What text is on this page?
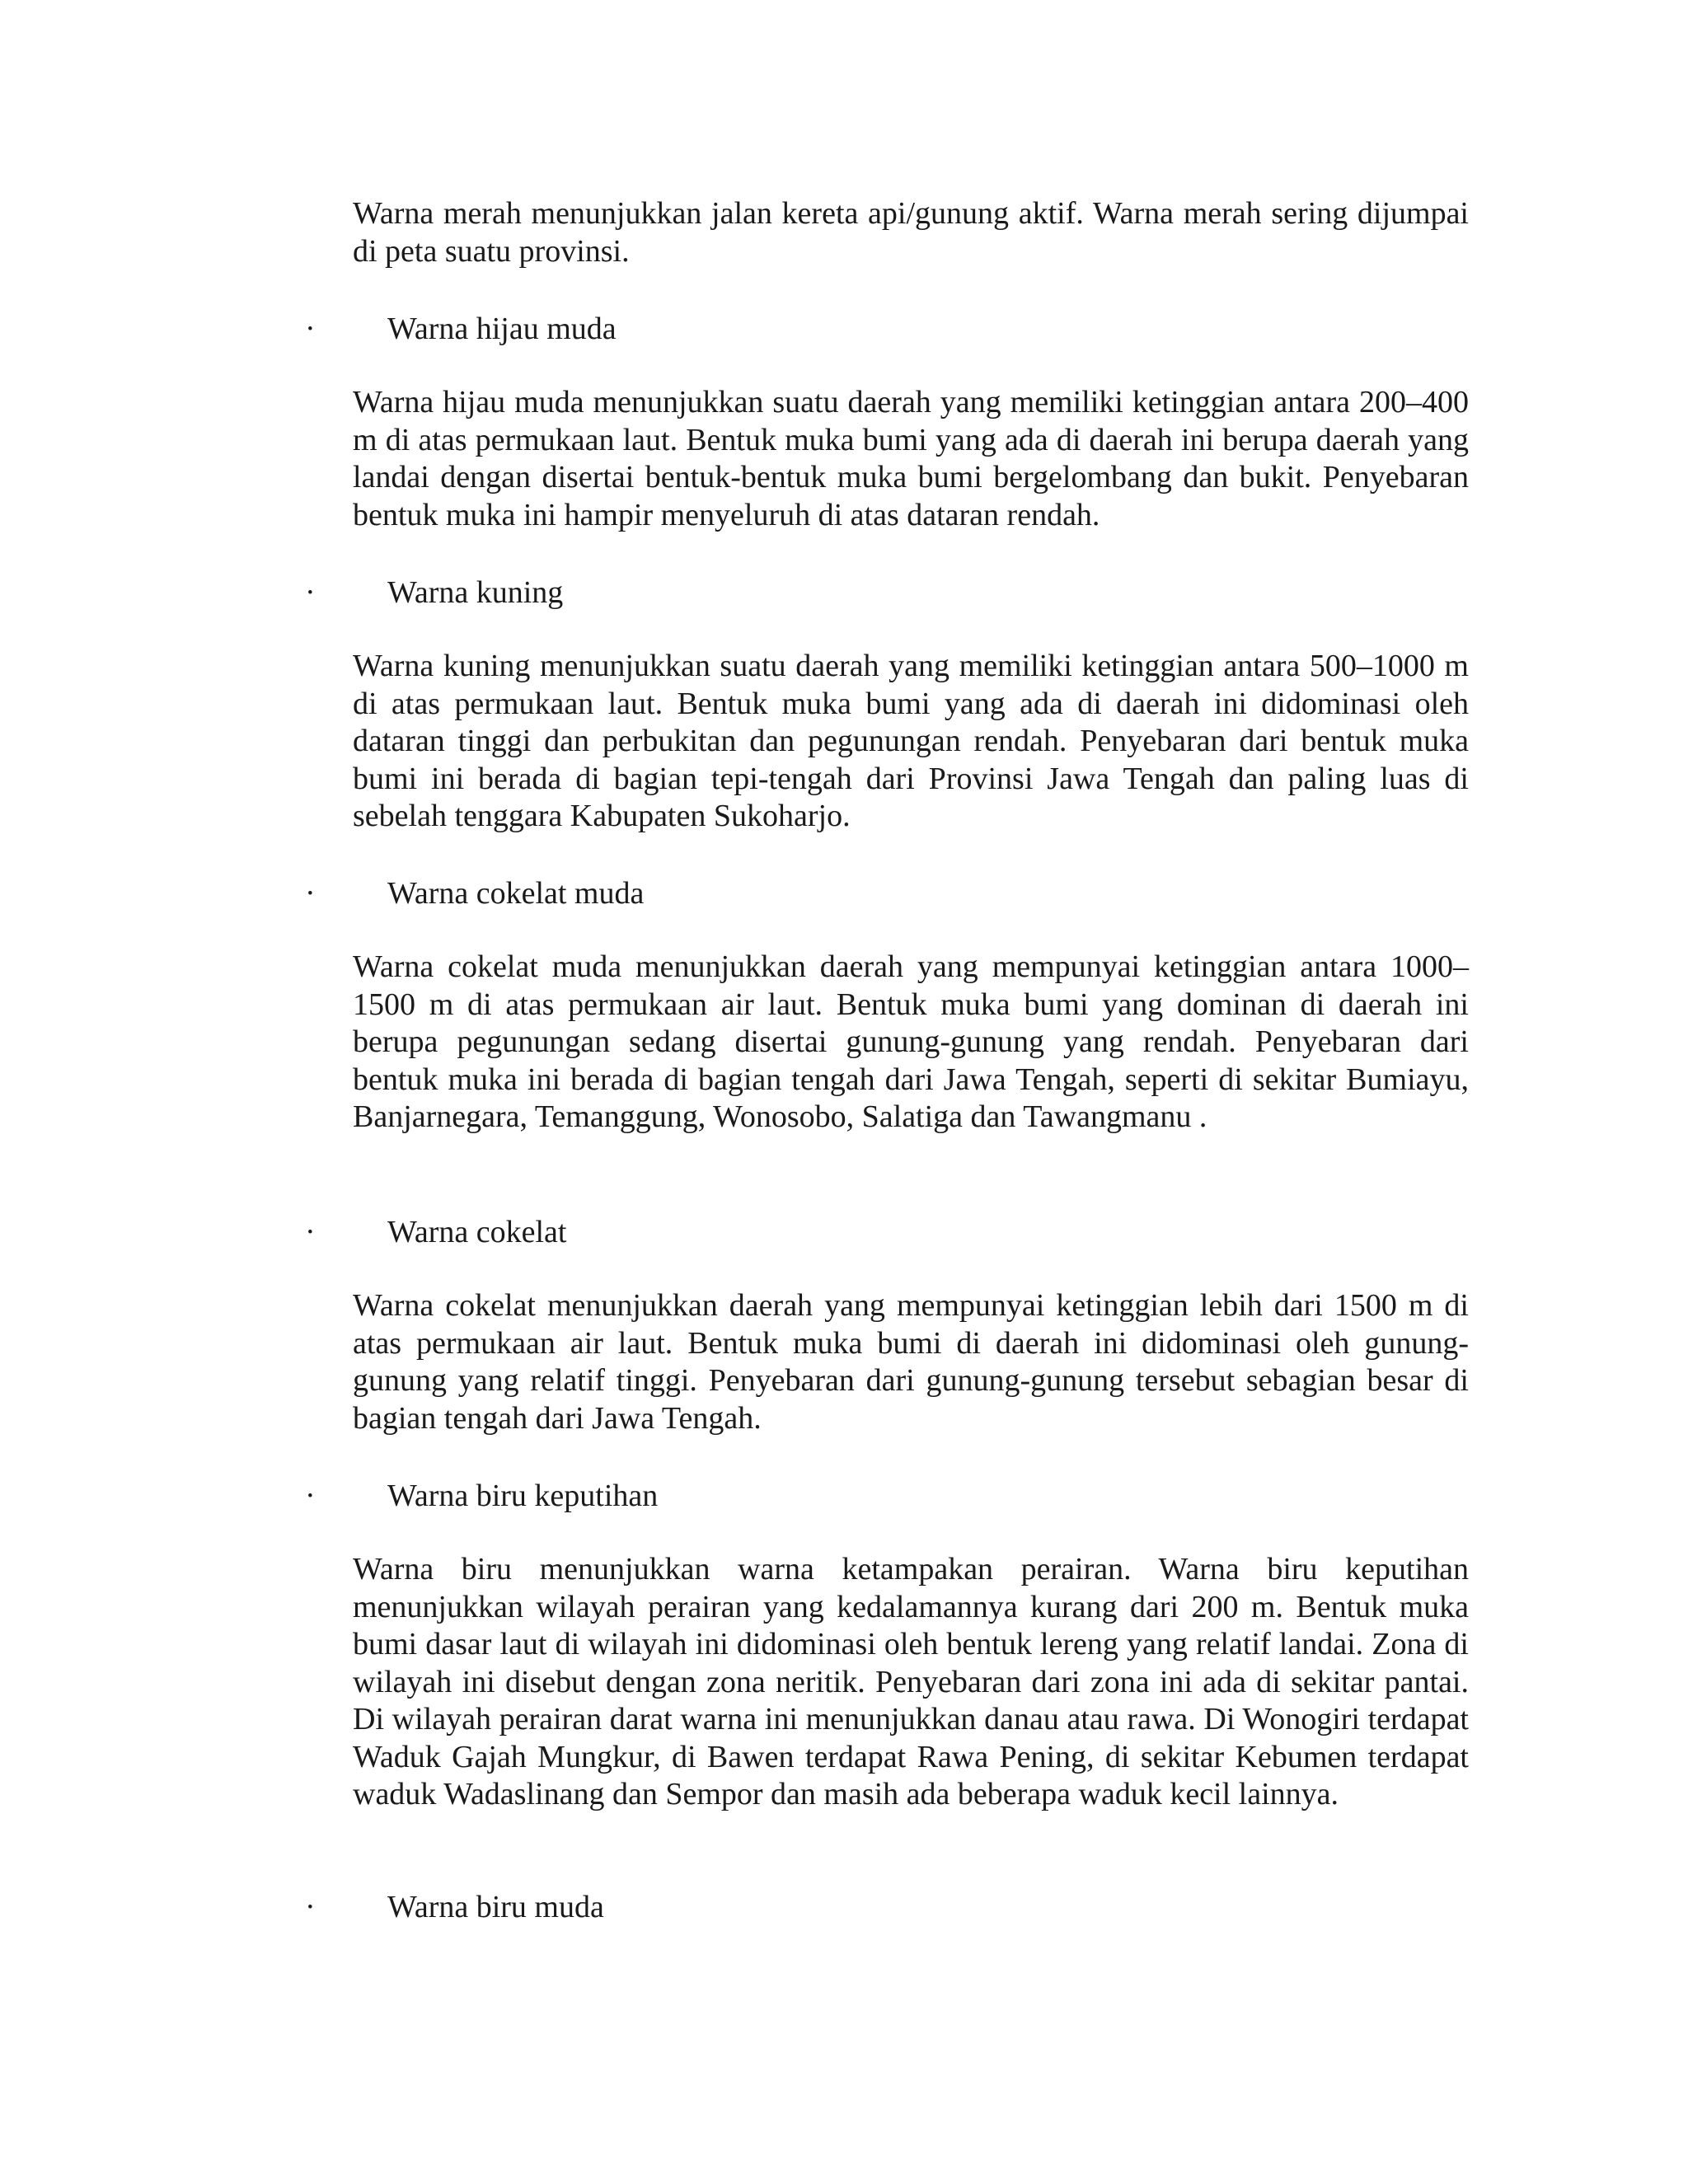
Warna merah menunjukkan jalan kereta api/gunung aktif. Warna merah sering dijumpai di peta suatu provinsi.

· Warna hijau muda

Warna hijau muda menunjukkan suatu daerah yang memiliki ketinggian antara 200–400 m di atas permukaan laut. Bentuk muka bumi yang ada di daerah ini berupa daerah yang landai dengan disertai bentuk-bentuk muka bumi bergelombang dan bukit. Penyebaran bentuk muka ini hampir menyeluruh di atas dataran rendah.

· Warna kuning

Warna kuning menunjukkan suatu daerah yang memiliki ketinggian antara 500–1000 m di atas permukaan laut. Bentuk muka bumi yang ada di daerah ini didominasi oleh dataran tinggi dan perbukitan dan pegunungan rendah. Penyebaran dari bentuk muka bumi ini berada di bagian tepi-tengah dari Provinsi Jawa Tengah dan paling luas di sebelah tenggara Kabupaten Sukoharjo.

· Warna cokelat muda

Warna cokelat muda menunjukkan daerah yang mempunyai ketinggian antara 1000–1500 m di atas permukaan air laut. Bentuk muka bumi yang dominan di daerah ini berupa pegunungan sedang disertai gunung-gunung yang rendah. Penyebaran dari bentuk muka ini berada di bagian tengah dari Jawa Tengah, seperti di sekitar Bumiayu, Banjarnegara, Temanggung, Wonosobo, Salatiga dan Tawangmanu .

· Warna cokelat

Warna cokelat menunjukkan daerah yang mempunyai ketinggian lebih dari 1500 m di atas permukaan air laut. Bentuk muka bumi di daerah ini didominasi oleh gunung-gunung yang relatif tinggi. Penyebaran dari gunung-gunung tersebut sebagian besar di bagian tengah dari Jawa Tengah.

· Warna biru keputihan

Warna biru menunjukkan warna ketampakan perairan. Warna biru keputihan menunjukkan wilayah perairan yang kedalamannya kurang dari 200 m. Bentuk muka bumi dasar laut di wilayah ini didominasi oleh bentuk lereng yang relatif landai. Zona di wilayah ini disebut dengan zona neritik. Penyebaran dari zona ini ada di sekitar pantai. Di wilayah perairan darat warna ini menunjukkan danau atau rawa. Di Wonogiri terdapat Waduk Gajah Mungkur, di Bawen terdapat Rawa Pening, di sekitar Kebumen terdapat waduk Wadaslinang dan Sempor dan masih ada beberapa waduk kecil lainnya.

· Warna biru muda
